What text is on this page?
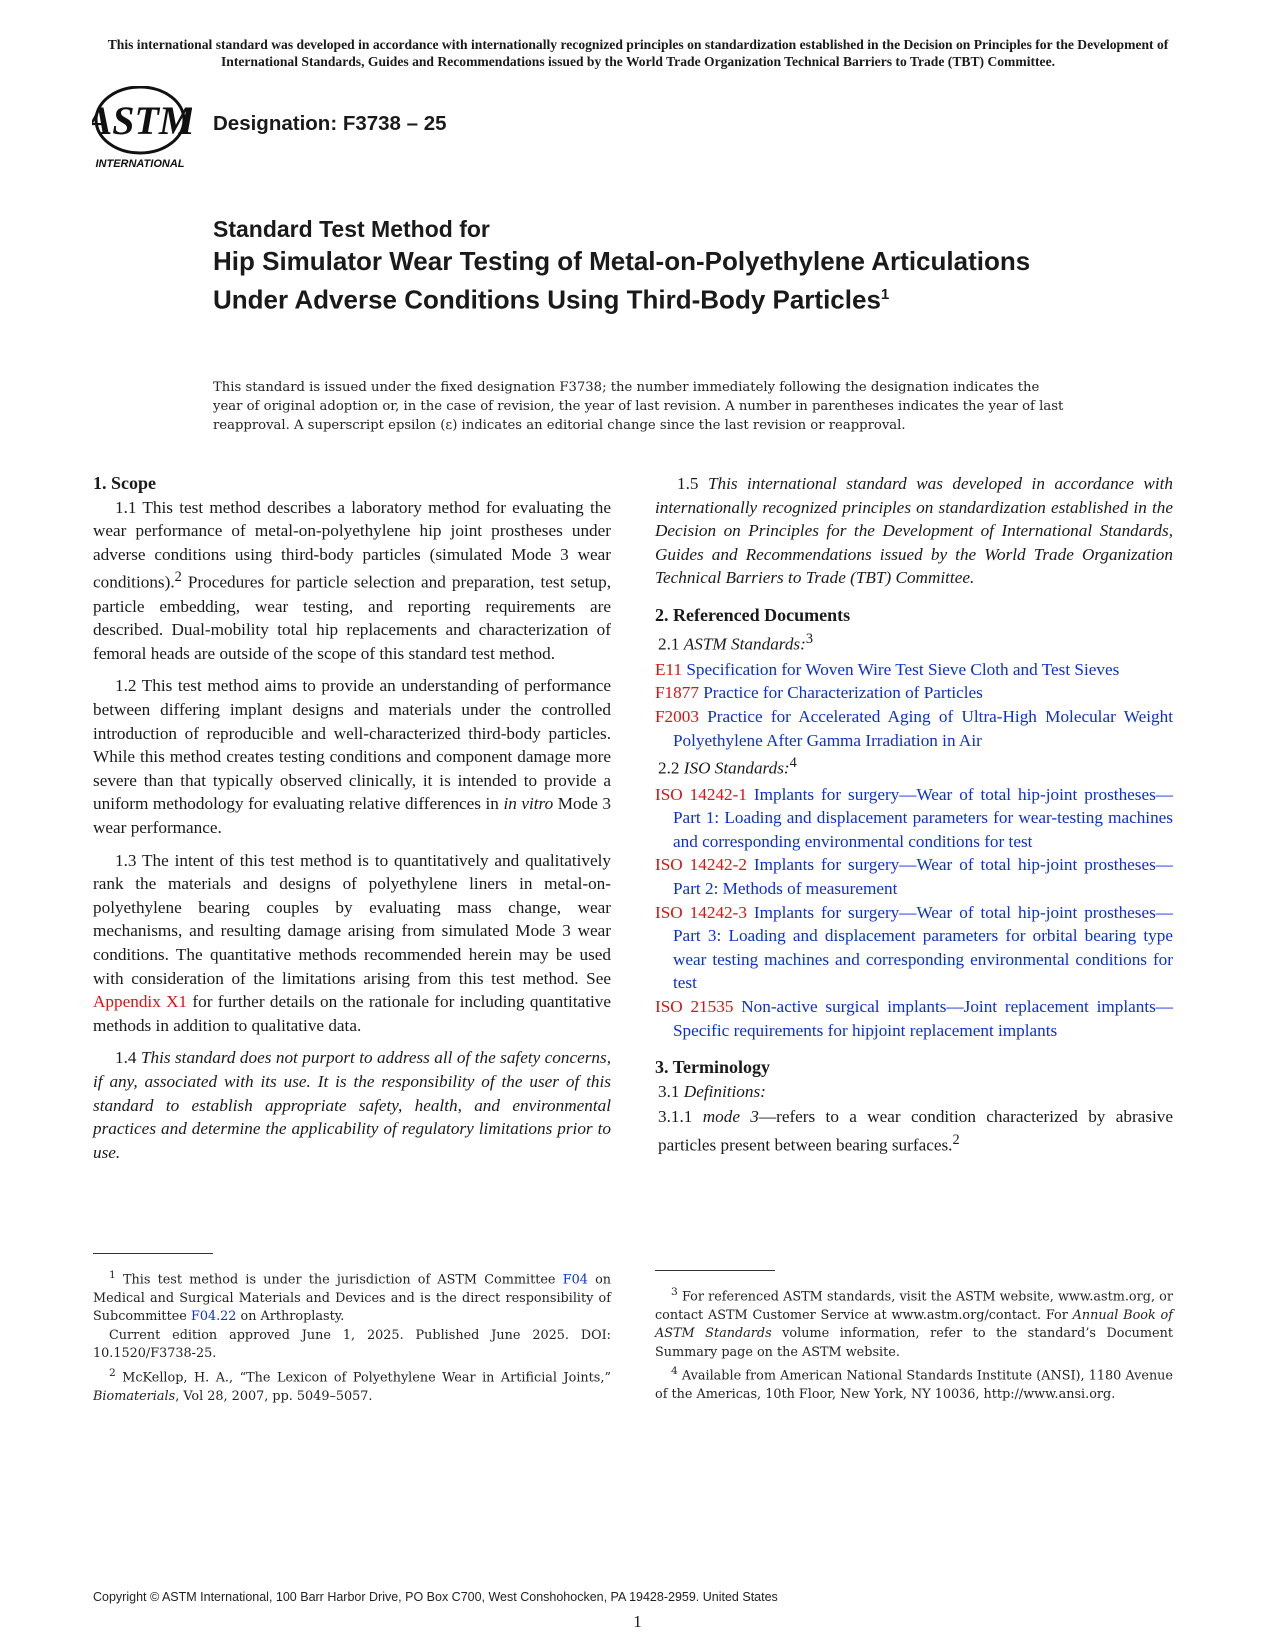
This international standard was developed in accordance with internationally recognized principles on standardization established in the Decision on Principles for the Development of International Standards, Guides and Recommendations issued by the World Trade Organization Technical Barriers to Trade (TBT) Committee.
ASTM
INTERNATIONAL
Designation: F3738 – 25
Standard Test Method for
Hip Simulator Wear Testing of Metal-on-Polyethylene Articulations Under Adverse Conditions Using Third-Body Particles$^1$
This standard is issued under the fixed designation F3738; the number immediately following the designation indicates the year of original adoption or, in the case of revision, the year of last revision. A number in parentheses indicates the year of last reapproval. A superscript epsilon (ε) indicates an editorial change since the last revision or reapproval.

1. Scope

1.1 This test method describes a laboratory method for evaluating the wear performance of metal-on-polyethylene hip joint prostheses under adverse conditions using third-body particles (simulated Mode 3 wear conditions).$^2$ Procedures for particle selection and preparation, test setup, particle embedding, wear testing, and reporting requirements are described. Dual-mobility total hip replacements and characterization of femoral heads are outside of the scope of this standard test method.

1.2 This test method aims to provide an understanding of performance between differing implant designs and materials under the controlled introduction of reproducible and well-characterized third-body particles. While this method creates testing conditions and component damage more severe than that typically observed clinically, it is intended to provide a uniform methodology for evaluating relative differences in in vitro Mode 3 wear performance.

1.3 The intent of this test method is to quantitatively and qualitatively rank the materials and designs of polyethylene liners in metal-on-polyethylene bearing couples by evaluating mass change, wear mechanisms, and resulting damage arising from simulated Mode 3 wear conditions. The quantitative methods recommended herein may be used with consideration of the limitations arising from this test method. See Appendix X1 for further details on the rationale for including quantitative methods in addition to qualitative data.

1.4 This standard does not purport to address all of the safety concerns, if any, associated with its use. It is the responsibility of the user of this standard to establish appropriate safety, health, and environmental practices and determine the applicability of regulatory limitations prior to use.

$^1$ This test method is under the jurisdiction of ASTM Committee F04 on Medical and Surgical Materials and Devices and is the direct responsibility of Subcommittee F04.22 on Arthroplasty.

Current edition approved June 1, 2025. Published June 2025. DOI: 10.1520/F3738-25.

$^2$ McKellop, H. A., “The Lexicon of Polyethylene Wear in Artificial Joints,” Biomaterials, Vol 28, 2007, pp. 5049–5057.

1.5 This international standard was developed in accordance with internationally recognized principles on standardization established in the Decision on Principles for the Development of International Standards, Guides and Recommendations issued by the World Trade Organization Technical Barriers to Trade (TBT) Committee.

2. Referenced Documents

2.1 ASTM Standards:$^3$

E11 Specification for Woven Wire Test Sieve Cloth and Test Sieves

F1877 Practice for Characterization of Particles

F2003 Practice for Accelerated Aging of Ultra-High Molecular Weight Polyethylene After Gamma Irradiation in Air

2.2 ISO Standards:$^4$

ISO 14242-1 Implants for surgery—Wear of total hip-joint prostheses—Part 1: Loading and displacement parameters for wear-testing machines and corresponding environmental conditions for test

ISO 14242-2 Implants for surgery—Wear of total hip-joint prostheses—Part 2: Methods of measurement

ISO 14242-3 Implants for surgery—Wear of total hip-joint prostheses—Part 3: Loading and displacement parameters for orbital bearing type wear testing machines and corresponding environmental conditions for test

ISO 21535 Non-active surgical implants—Joint replacement implants—Specific requirements for hipjoint replacement implants

3. Terminology

3.1 Definitions:

3.1.1 mode 3—refers to a wear condition characterized by abrasive particles present between bearing surfaces.$^2$

$^3$ For referenced ASTM standards, visit the ASTM website, www.astm.org, or contact ASTM Customer Service at www.astm.org/contact. For Annual Book of ASTM Standards volume information, refer to the standard’s Document Summary page on the ASTM website.

$^4$ Available from American National Standards Institute (ANSI), 1180 Avenue of the Americas, 10th Floor, New York, NY 10036, http://www.ansi.org.

Copyright © ASTM International, 100 Barr Harbor Drive, PO Box C700, West Conshohocken, PA 19428-2959. United States
1
